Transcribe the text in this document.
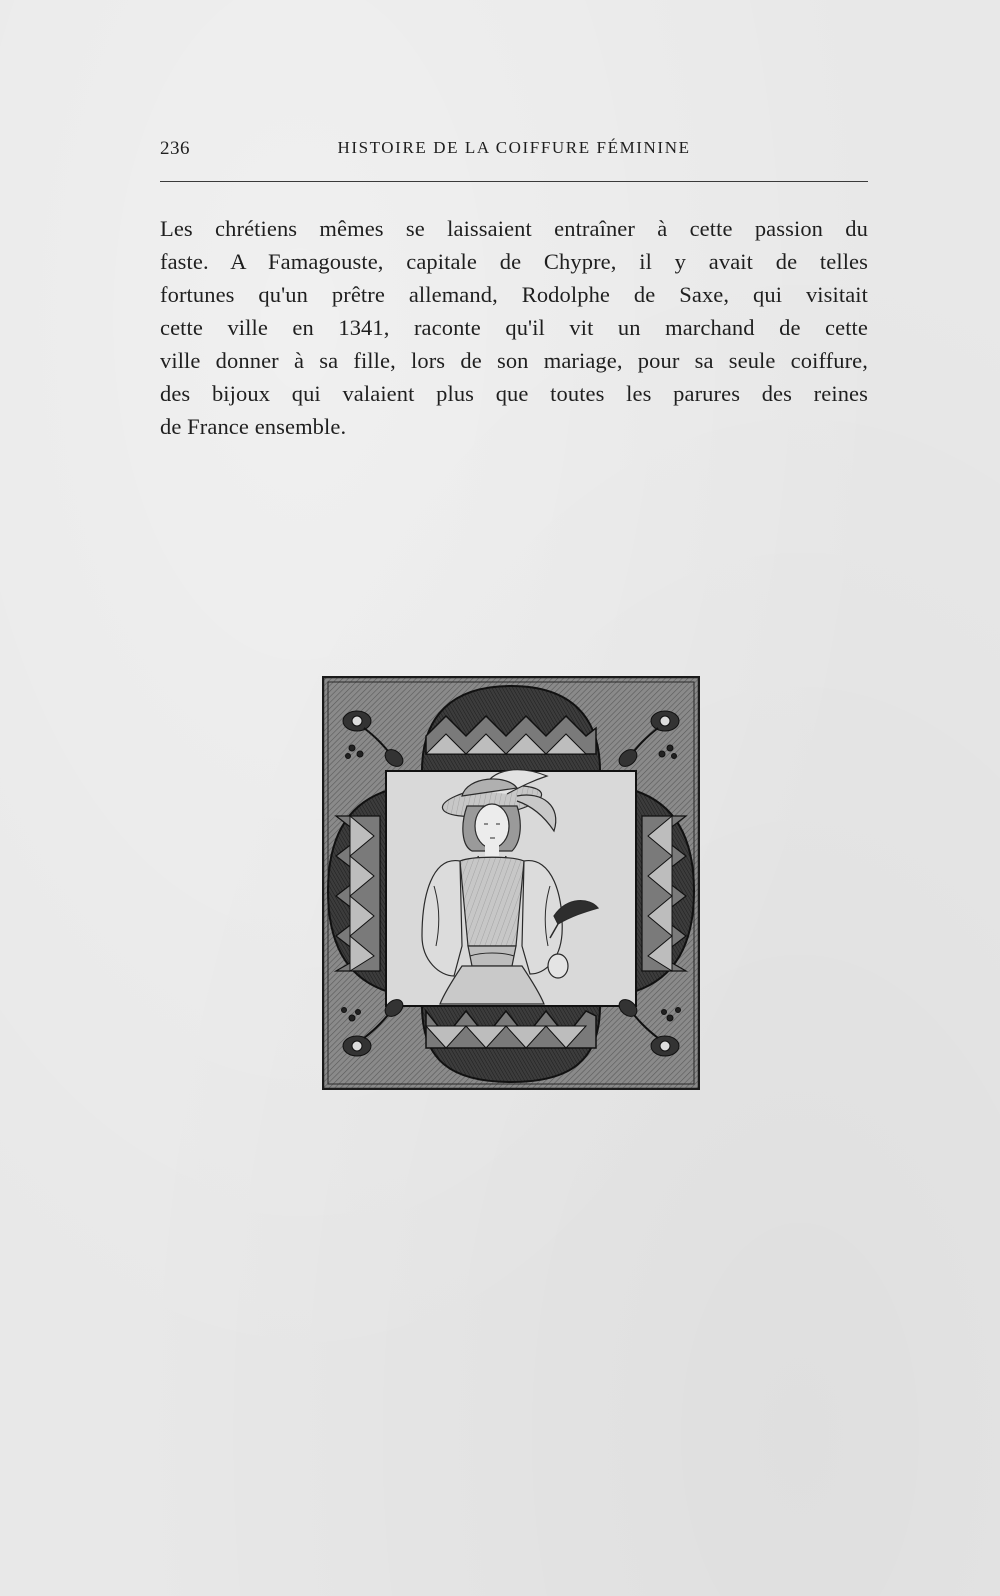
236	HISTOIRE DE LA COIFFURE FÉMININE
Les chrétiens mêmes se laissaient entraîner à cette passion du
faste. A Famagouste, capitale de Chypre, il y avait de telles
fortunes qu'un prêtre allemand, Rodolphe de Saxe, qui visitait
cette ville en 1341, raconte qu'il vit un marchand de cette
ville donner à sa fille, lors de son mariage, pour sa seule coiffure,
des bijoux qui valaient plus que toutes les parures des reines
de France ensemble.
